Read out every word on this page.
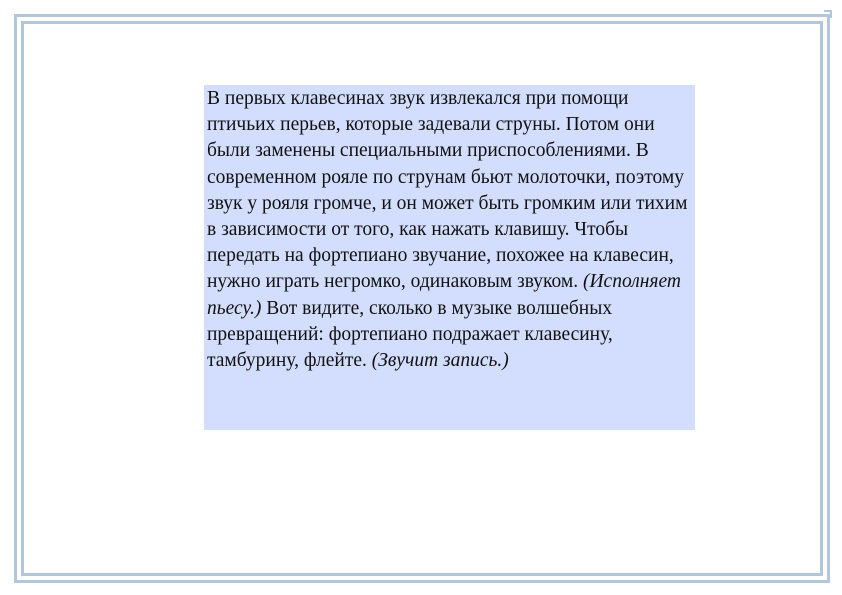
В первых клавесинах звук извлекался при помощи птичьих перьев, которые задевали струны. Потом они были заменены специальными приспособлениями. В современном рояле по струнам бьют молоточки, поэтому звук у рояля громче, и он может быть громким или тихим в зависимости от того, как нажать клавишу. Чтобы передать на фортепиано звучание, похожее на клавесин, нужно играть негромко, одинаковым звуком. (Исполняет пьесу.) Вот видите, сколько в музыке волшебных превращений: фортепиано подражает клавесину, тамбурину, флейте. (Звучит запись.)
